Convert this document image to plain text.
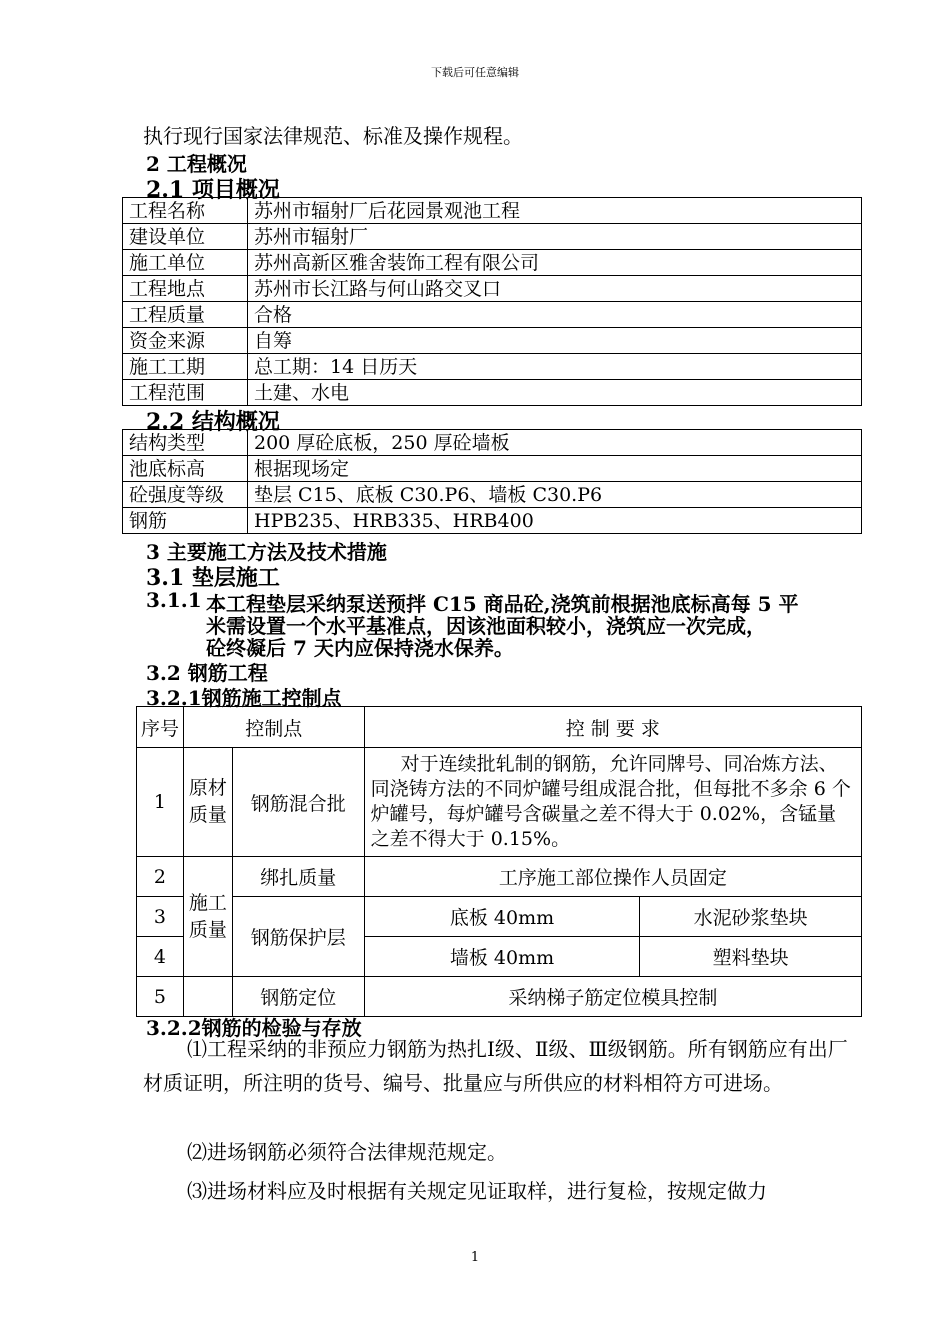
下载后可任意编辑
执行现行国家法律规范、标准及操作规程。
2 工程概况
2.1 项目概况
工程名称	苏州市辐射厂后花园景观池工程
建设单位	苏州市辐射厂
施工单位	苏州高新区雅舍装饰工程有限公司
工程地点	苏州市长江路与何山路交叉口
工程质量	合格
资金来源	自筹
施工工期	总工期：14 日历天
工程范围	土建、水电
2.2 结构概况
结构类型	200 厚砼底板，250 厚砼墙板
池底标高	根据现场定
砼强度等级	垫层 C15、底板 C30.P6、墙板 C30.P6
钢筋	HPB235、HRB335、HRB400
3 主要施工方法及技术措施
3.1 垫层施工
3.1.1 本工程垫层采纳泵送预拌 C15 商品砼,浇筑前根据池底标高每 5 平
米需设置一个水平基准点，因该池面积较小，浇筑应一次完成，
砼终凝后 7 天内应保持浇水保养。
3.2 钢筋工程
3.2.1钢筋施工控制点
序号	控制点		控 制 要 求	
1	原材质量	钢筋混合批	对于连续批轧制的钢筋，允许同牌号、同冶炼方法、同浇铸方法的不同炉罐号组成混合批，但每批不多余 6 个炉罐号，每炉罐号含碳量之差不得大于 0.02%，含锰量之差不得大于 0.15%。	
2	施工质量	绑扎质量	工序施工部位操作人员固定	
3		钢筋保护层	底板 40mm	水泥砂浆垫块
4			墙板 40mm	塑料垫块
5		钢筋定位	采纳梯子筋定位模具控制	
3.2.2钢筋的检验与存放
⑴工程采纳的非预应力钢筋为热扎Ⅰ级、Ⅱ级、Ⅲ级钢筋。所有钢筋应有出厂材质证明，所注明的货号、编号、批量应与所供应的材料相符方可进场。
⑵进场钢筋必须符合法律规范规定。
⑶进场材料应及时根据有关规定见证取样，进行复检，按规定做力
1
